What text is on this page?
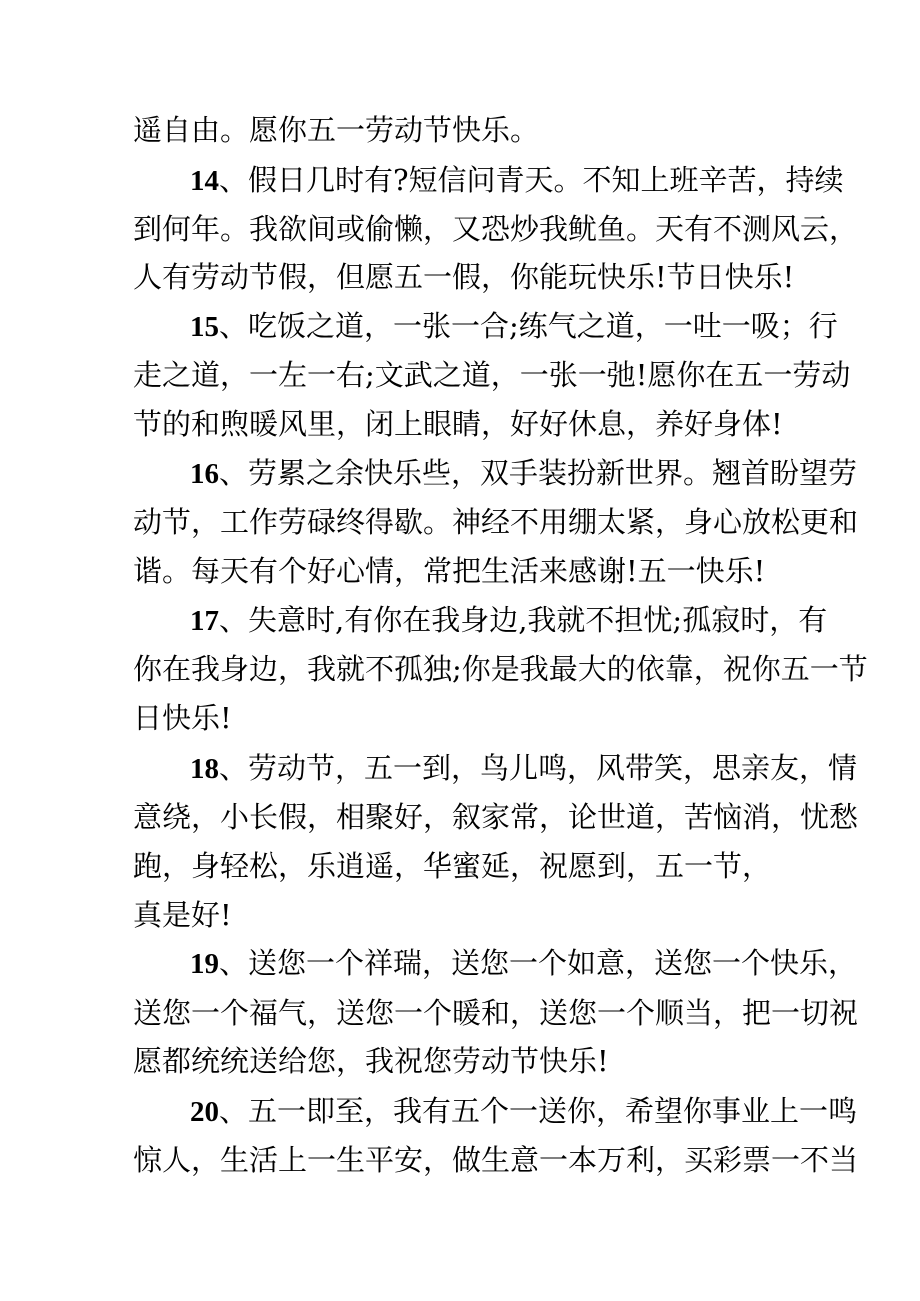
遥自由。愿你五一劳动节快乐。
14、假日几时有?短信问青天。不知上班辛苦，持续
到何年。我欲间或偷懒，又恐炒我鱿鱼。天有不测风云，
人有劳动节假，但愿五一假，你能玩快乐!节日快乐!
15、吃饭之道，一张一合;练气之道，一吐一吸；行
走之道，一左一右;文武之道，一张一弛!愿你在五一劳动
节的和煦暖风里，闭上眼睛，好好休息，养好身体!
16、劳累之余快乐些，双手装扮新世界。翘首盼望劳
动节，工作劳碌终得歇。神经不用绷太紧，身心放松更和
谐。每天有个好心情，常把生活来感谢!五一快乐!
17、失意时,有你在我身边,我就不担忧;孤寂时，有
你在我身边，我就不孤独;你是我最大的依靠，祝你五一节
日快乐!
18、劳动节，五一到，鸟儿鸣，风带笑，思亲友，情
意绕，小长假，相聚好，叙家常，论世道，苦恼消，忧愁
跑，身轻松，乐逍遥，华蜜延，祝愿到，五一节，
真是好!
19、送您一个祥瑞，送您一个如意，送您一个快乐，
送您一个福气，送您一个暖和，送您一个顺当，把一切祝
愿都统统送给您，我祝您劳动节快乐!
20、五一即至，我有五个一送你，希望你事业上一鸣
惊人，生活上一生平安，做生意一本万利，买彩票一不当
